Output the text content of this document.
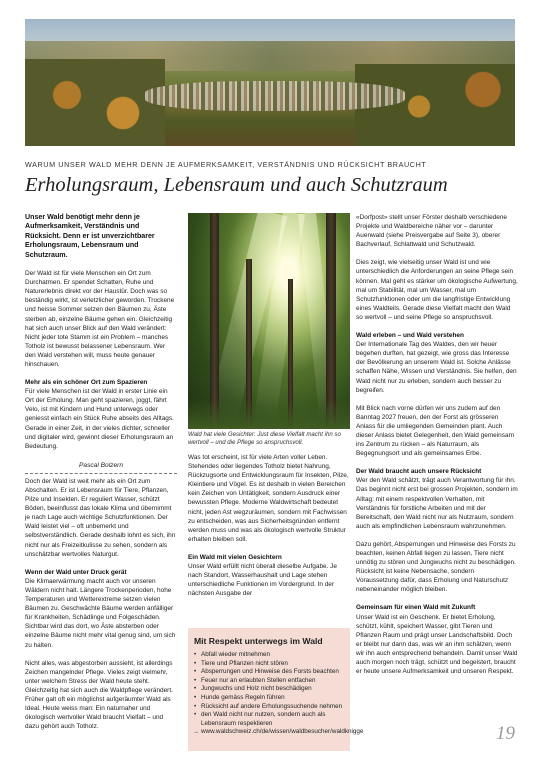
WARUM UNSER WALD MEHR DENN JE AUFMERKSAMKEIT, VERSTÄNDNIS UND RÜCKSICHT BRAUCHT
Erholungsraum, Lebensraum und auch Schutzraum
Unser Wald benötigt mehr denn je Aufmerksamkeit, Verständnis und Rücksicht. Denn er ist unverzichtbarer Erholungsraum, Lebensraum und Schutzraum.
Der Wald ist für viele Menschen ein Ort zum Durchatmen. Er spendet Schatten, Ruhe und Naturerlebnis direkt vor der Haustür. Doch was so beständig wirkt, ist verletzlicher geworden. Trockene und heisse Sommer setzen den Bäumen zu, Äste sterben ab, einzelne Bäume gehen ein. Gleichzeitig hat sich auch unser Blick auf den Wald verändert: Nicht jeder tote Stamm ist ein Problem – manches Totholz ist bewusst belassener Lebensraum. Wer den Wald verstehen will, muss heute genauer hinschauen.
Mehr als ein schöner Ort zum Spazieren
Für viele Menschen ist der Wald in erster Linie ein Ort der Erholung. Man geht spazieren, joggt, fährt Velo, ist mit Kindern und Hund unterwegs oder geniesst einfach ein Stück Ruhe abseits des Alltags. Gerade in einer Zeit, in der vieles dichter, schneller und digitaler wird, gewinnt dieser Erholungsraum an Bedeutung.
Pascal Bolzern
Doch der Wald ist weit mehr als ein Ort zum Abschalten. Er ist Lebensraum für Tiere, Pflanzen, Pilze und Insekten. Er reguliert Wasser, schützt Böden, beeinflusst das lokale Klima und übernimmt je nach Lage auch wichtige Schutzfunktionen. Der Wald leistet viel – oft unbemerkt und selbstverständlich. Gerade deshalb lohnt es sich, ihn nicht nur als Freizeitkulisse zu sehen, sondern als unschätzbar wertvolles Naturgut.
Wenn der Wald unter Druck gerät
Die Klimaerwärmung macht auch vor unseren Wäldern nicht halt. Längere Trockenperioden, hohe Temperaturen und Wetterextreme setzen vielen Bäumen zu. Geschwächte Bäume werden anfälliger für Krankheiten, Schädlinge und Folgeschäden. Sichtbar wird das dort, wo Äste absterben oder einzelne Bäume nicht mehr vital genug sind, um sich zu halten.
Nicht alles, was abgestorben aussieht, ist allerdings Zeichen mangelnder Pflege. Vieles zeigt vielmehr, unter welchem Stress der Wald heute steht. Gleichzeitig hat sich auch die Waldpflege verändert. Früher galt oft ein möglichst aufgeräumter Wald als Ideal. Heute weiss man: Ein naturnaher und ökologisch wertvoller Wald braucht Vielfalt – und dazu gehört auch Totholz.
Wald hat viele Gesichter: Just diese Vielfalt macht ihn so wertvoll – und die Pflege so anspruchsvoll.
Was tot erscheint, ist für viele Arten voller Leben. Stehendes oder liegendes Totholz bietet Nahrung, Rückzugsorte und Entwicklungsraum für Insekten, Pilze, Kleintiere und Vögel. Es ist deshalb in vielen Bereichen kein Zeichen von Untätigkeit, sondern Ausdruck einer bewussten Pflege. Moderne Waldwirtschaft bedeutet nicht, jeden Ast wegzuräumen, sondern mit Fachwissen zu entscheiden, was aus Sicherheitsgründen entfernt werden muss und was als ökologisch wertvolle Struktur erhalten bleiben soll.
Ein Wald mit vielen Gesichtern
Unser Wald erfüllt nicht überall dieselbe Aufgabe. Je nach Standort, Wasserhaushalt und Lage stehen unterschiedliche Funktionen im Vordergrund. In der nächsten Ausgabe der
Mit Respekt unterwegs im Wald
• Abfall wieder mitnehmen
• Tiere und Pflanzen nicht stören
• Absperrungen und Hinweise des Forsts beachten
• Feuer nur an erlaubten Stellen entfachen
• Jungwuchs und Holz nicht beschädigen
• Hunde gemäss Regeln führen
• Rücksicht auf andere Erholungssuchende nehmen
• den Wald nicht nur nutzen, sondern auch als Lebensraum respektieren
→ www.waldschweiz.ch/de/wissen/waldbesucher/waldknigge
«Dorfpost» stellt unser Förster deshalb verschiedene Projekte und Waldbereiche näher vor – darunter Auenwald (siehe Preisvergabe auf Seite 3), oberer Bachverlauf, Schlattwald und Schutzwald.
Dies zeigt, wie vielseitig unser Wald ist und wie unterschiedlich die Anforderungen an seine Pflege sein können. Mal geht es stärker um ökologische Aufwertung, mal um Stabilität, mal um Wasser, mal um Schutzfunktionen oder um die langfristige Entwicklung eines Waldteils. Gerade diese Vielfalt macht den Wald so wertvoll – und seine Pflege so anspruchsvoll.
Wald erleben – und Wald verstehen
Der Internationale Tag des Waldes, den wir heuer begehen durften, hat gezeigt, wie gross das Interesse der Bevölkerung an unserem Wald ist. Solche Anlässe schaffen Nähe, Wissen und Verständnis. Sie helfen, den Wald nicht nur zu erleben, sondern auch besser zu begreifen.
Mit Blick nach vorne dürfen wir uns zudem auf den Banntag 2027 freuen, den der Forst als grösseren Anlass für die umliegenden Gemeinden plant. Auch dieser Anlass bietet Gelegenheit, den Wald gemeinsam ins Zentrum zu rücken – als Naturraum, als Begegnungsort und als gemeinsames Erbe.
Der Wald braucht auch unsere Rücksicht
Wer den Wald schätzt, trägt auch Verantwortung für ihn. Das beginnt nicht erst bei grossen Projekten, sondern im Alltag: mit einem respektvollen Verhalten, mit Verständnis für forstliche Arbeiten und mit der Bereitschaft, den Wald nicht nur als Nutzraum, sondern auch als empfindlichen Lebensraum wahrzunehmen.
Dazu gehört, Absperrungen und Hinweise des Forsts zu beachten, keinen Abfall liegen zu lassen, Tiere nicht unnötig zu stören und Jungwuchs nicht zu beschädigen. Rücksicht ist keine Nebensache, sondern Voraussetzung dafür, dass Erholung und Naturschutz nebeneinander möglich bleiben.
Gemeinsam für einen Wald mit Zukunft
Unser Wald ist ein Geschenk. Er bietet Erholung, schützt, kühlt, speichert Wasser, gibt Tieren und Pflanzen Raum und prägt unser Landschaftsbild. Doch er bleibt nur dann das, was wir an ihm schätzen, wenn wir ihn auch entsprechend behandeln. Damit unser Wald auch morgen noch trägt, schützt und begeistert, braucht er heute unsere Aufmerksamkeit und unseren Respekt.
19
